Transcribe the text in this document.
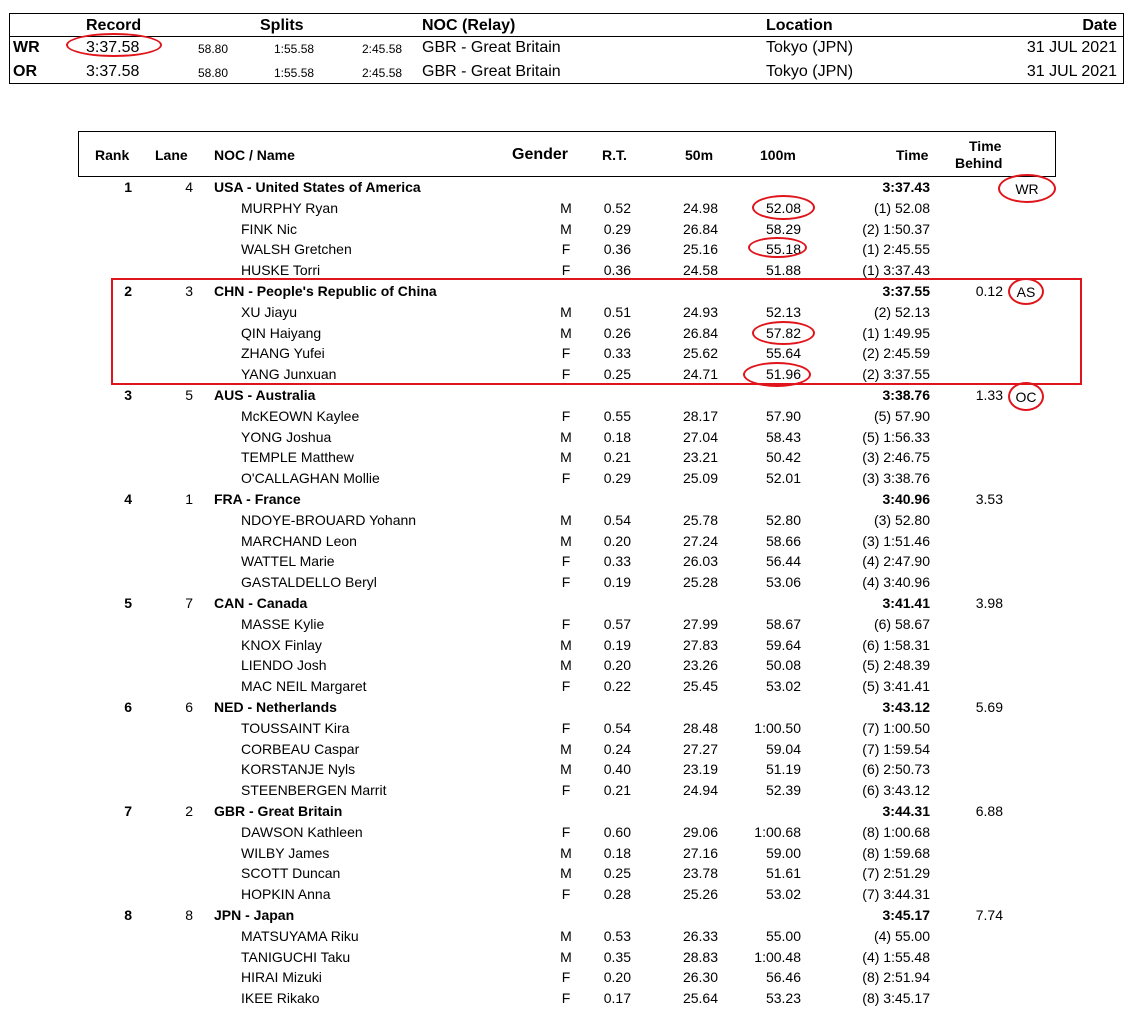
Record	Splits	NOC (Relay)	Location	Date
WR	3:37.58	58.80	1:55.58	2:45.58 GBR - Great Britain	Tokyo (JPN)	31 JUL 2021
OR	3:37.58	58.80	1:55.58	2:45.58 GBR - Great Britain	Tokyo (JPN)	31 JUL 2021
Rank Lane NOC / Name	Gender R.T.	50m	100m	Time
Time
Behind
1	4 USA - United States of America	3:37.43
MURPHY Ryan	M	0.52	24.98	52.08	(1) 52.08
FINK Nic	M	0.29	26.84	58.29	(2) 1:50.37
WALSH Gretchen	F	0.36	25.16	55.18	(1) 2:45.55
HUSKE Torri	F	0.36	24.58	51.88	(1) 3:37.43
2	3 CHN - People's Republic of China	3:37.55	0.12
XU Jiayu	M	0.51	24.93	52.13	(2) 52.13
QIN Haiyang	M	0.26	26.84	57.82	(1) 1:49.95
ZHANG Yufei	F	0.33	25.62	55.64	(2) 2:45.59
YANG Junxuan	F	0.25	24.71	51.96	(2) 3:37.55
3	5 AUS - Australia	3:38.76	1.33
McKEOWN Kaylee	F	0.55	28.17	57.90	(5) 57.90
YONG Joshua	M	0.18	27.04	58.43	(5) 1:56.33
TEMPLE Matthew	M	0.21	23.21	50.42	(3) 2:46.75
O'CALLAGHAN Mollie	F	0.29	25.09	52.01	(3) 3:38.76
4	1 FRA - France	3:40.96	3.53
NDOYE-BROUARD Yohann	M	0.54	25.78	52.80	(3) 52.80
MARCHAND Leon	M	0.20	27.24	58.66	(3) 1:51.46
WATTEL Marie	F	0.33	26.03	56.44	(4) 2:47.90
GASTALDELLO Beryl	F	0.19	25.28	53.06	(4) 3:40.96
5	7 CAN - Canada	3:41.41	3.98
MASSE Kylie	F	0.57	27.99	58.67	(6) 58.67
KNOX Finlay	M	0.19	27.83	59.64	(6) 1:58.31
LIENDO Josh	M	0.20	23.26	50.08	(5) 2:48.39
MAC NEIL Margaret	F	0.22	25.45	53.02	(5) 3:41.41
6	6 NED - Netherlands	3:43.12	5.69
TOUSSAINT Kira	F	0.54	28.48	1:00.50	(7) 1:00.50
CORBEAU Caspar	M	0.24	27.27	59.04	(7) 1:59.54
KORSTANJE Nyls	M	0.40	23.19	51.19	(6) 2:50.73
STEENBERGEN Marrit	F	0.21	24.94	52.39	(6) 3:43.12
7	2 GBR - Great Britain	3:44.31	6.88
DAWSON Kathleen	F	0.60	29.06	1:00.68	(8) 1:00.68
WILBY James	M	0.18	27.16	59.00	(8) 1:59.68
SCOTT Duncan	M	0.25	23.78	51.61	(7) 2:51.29
HOPKIN Anna	F	0.28	25.26	53.02	(7) 3:44.31
8	8 JPN - Japan	3:45.17	7.74
MATSUYAMA Riku	M	0.53	26.33	55.00	(4) 55.00
TANIGUCHI Taku	M	0.35	28.83	1:00.48	(4) 1:55.48
HIRAI Mizuki	F	0.20	26.30	56.46	(8) 2:51.94
IKEE Rikako	F	0.17	25.64	53.23	(8) 3:45.17
WR
AS
OC
